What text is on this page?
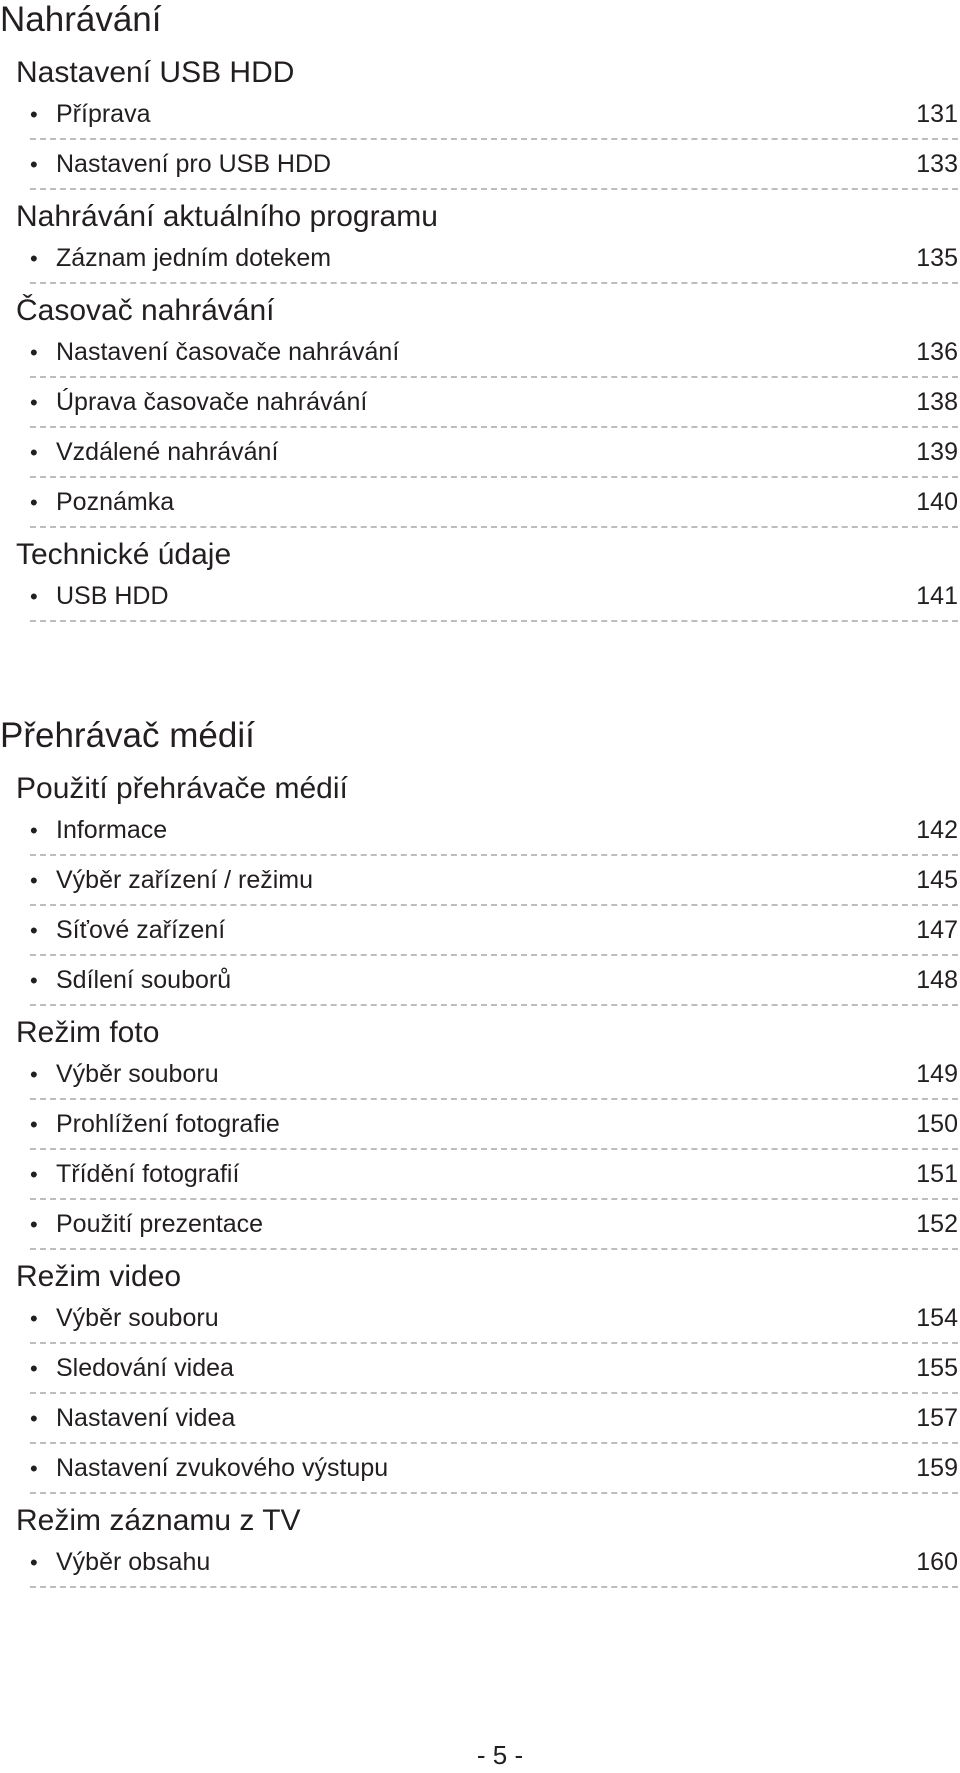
Nahrávání
Nastavení USB HDD
• Příprava	131
• Nastavení pro USB HDD	133
Nahrávání aktuálního programu
• Záznam jedním dotekem	135
Časovač nahrávání
• Nastavení časovače nahrávání	136
• Úprava časovače nahrávání	138
• Vzdálené nahrávání	139
• Poznámka	140
Technické údaje
• USB HDD	141
Přehrávač médií
Použití přehrávače médií
• Informace	142
• Výběr zařízení / režimu	145
• Síťové zařízení	147
• Sdílení souborů	148
Režim foto
• Výběr souboru	149
• Prohlížení fotografie	150
• Třídění fotografií	151
• Použití prezentace	152
Režim video
• Výběr souboru	154
• Sledování videa	155
• Nastavení videa	157
• Nastavení zvukového výstupu	159
Režim záznamu z TV
• Výběr obsahu	160
- 5 -
